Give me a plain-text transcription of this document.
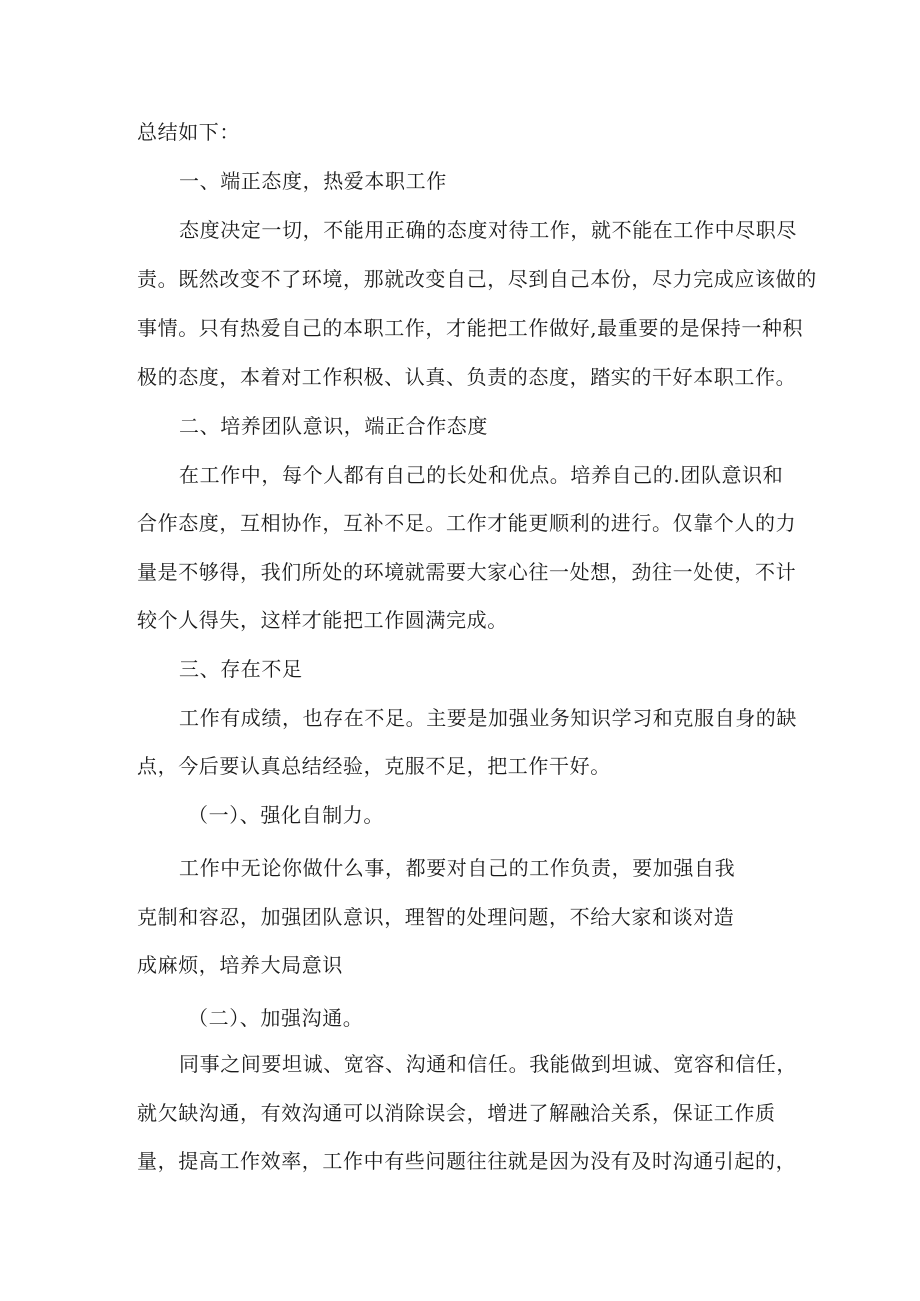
总结如下：
一、端正态度，热爱本职工作
态度决定一切，不能用正确的态度对待工作，就不能在工作中尽职尽
责。既然改变不了环境，那就改变自己，尽到自己本份，尽力完成应该做的
事情。只有热爱自己的本职工作，才能把工作做好,最重要的是保持一种积
极的态度，本着对工作积极、认真、负责的态度，踏实的干好本职工作。
二、培养团队意识，端正合作态度
在工作中，每个人都有自己的长处和优点。培养自己的.团队意识和
合作态度，互相协作，互补不足。工作才能更顺利的进行。仅靠个人的力
量是不够得，我们所处的环境就需要大家心往一处想，劲往一处使，不计
较个人得失，这样才能把工作圆满完成。
三、存在不足
工作有成绩，也存在不足。主要是加强业务知识学习和克服自身的缺
点，今后要认真总结经验，克服不足，把工作干好。
（一）、强化自制力。
工作中无论你做什么事，都要对自己的工作负责，要加强自我
克制和容忍，加强团队意识，理智的处理问题，不给大家和谈对造
成麻烦，培养大局意识
（二）、加强沟通。
同事之间要坦诚、宽容、沟通和信任。我能做到坦诚、宽容和信任，
就欠缺沟通，有效沟通可以消除误会，增进了解融洽关系，保证工作质
量，提高工作效率，工作中有些问题往往就是因为没有及时沟通引起的，
